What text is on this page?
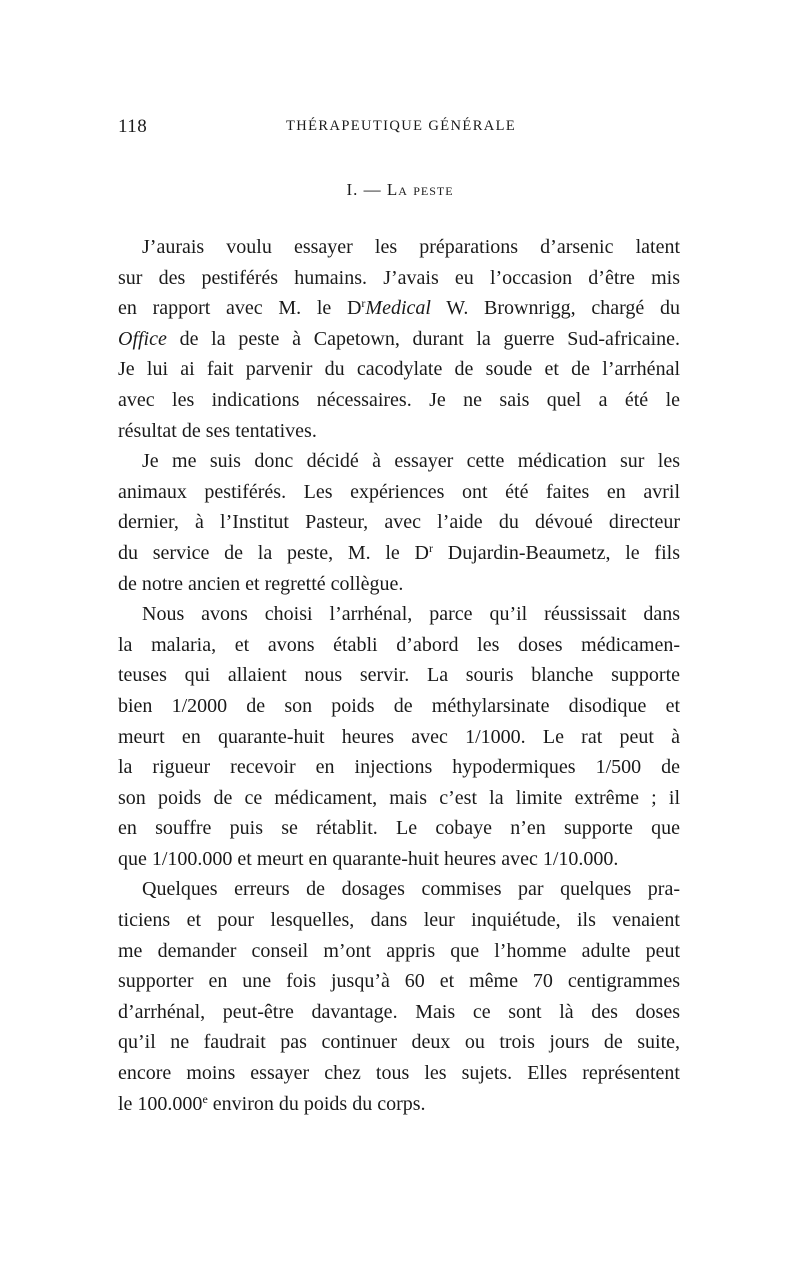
118	THÉRAPEUTIQUE GÉNÉRALE
I. — La peste
J’aurais voulu essayer les préparations d’arsenic latent
sur des pestiférés humains. J’avais eu l’occasion d’être mis
en rapport avec M. le $D^rMedical$ W. Brownrigg, chargé du
Office de la peste à Capetown, durant la guerre Sud-africaine.
Je lui ai fait parvenir du cacodylate de soude et de l’arrhénal
avec les indications nécessaires. Je ne sais quel a été le
résultat de ses tentatives.
Je me suis donc décidé à essayer cette médication sur les
animaux pestiférés. Les expériences ont été faites en avril
dernier, à l’Institut Pasteur, avec l’aide du dévoué directeur
du service de la peste, M. le $D^r$ Dujardin-Beaumetz, le fils
de notre ancien et regretté collègue.
Nous avons choisi l’arrhénal, parce qu’il réussissait dans
la malaria, et avons établi d’abord les doses médicamen-
teuses qui allaient nous servir. La souris blanche supporte
bien 1/2000 de son poids de méthylarsinate disodique et
meurt en quarante-huit heures avec 1/1000. Le rat peut à
la rigueur recevoir en injections hypodermiques 1/500 de
son poids de ce médicament, mais c’est la limite extrême ; il
en souffre puis se rétablit. Le cobaye n’en supporte que
que 1/100.000 et meurt en quarante-huit heures avec 1/10.000.
Quelques erreurs de dosages commises par quelques pra-
ticiens et pour lesquelles, dans leur inquiétude, ils venaient
me demander conseil m’ont appris que l’homme adulte peut
supporter en une fois jusqu’à 60 et même 70 centigrammes
d’arrhénal, peut-être davantage. Mais ce sont là des doses
qu’il ne faudrait pas continuer deux ou trois jours de suite,
encore moins essayer chez tous les sujets. Elles représentent
le 100.000e environ du poids du corps.
